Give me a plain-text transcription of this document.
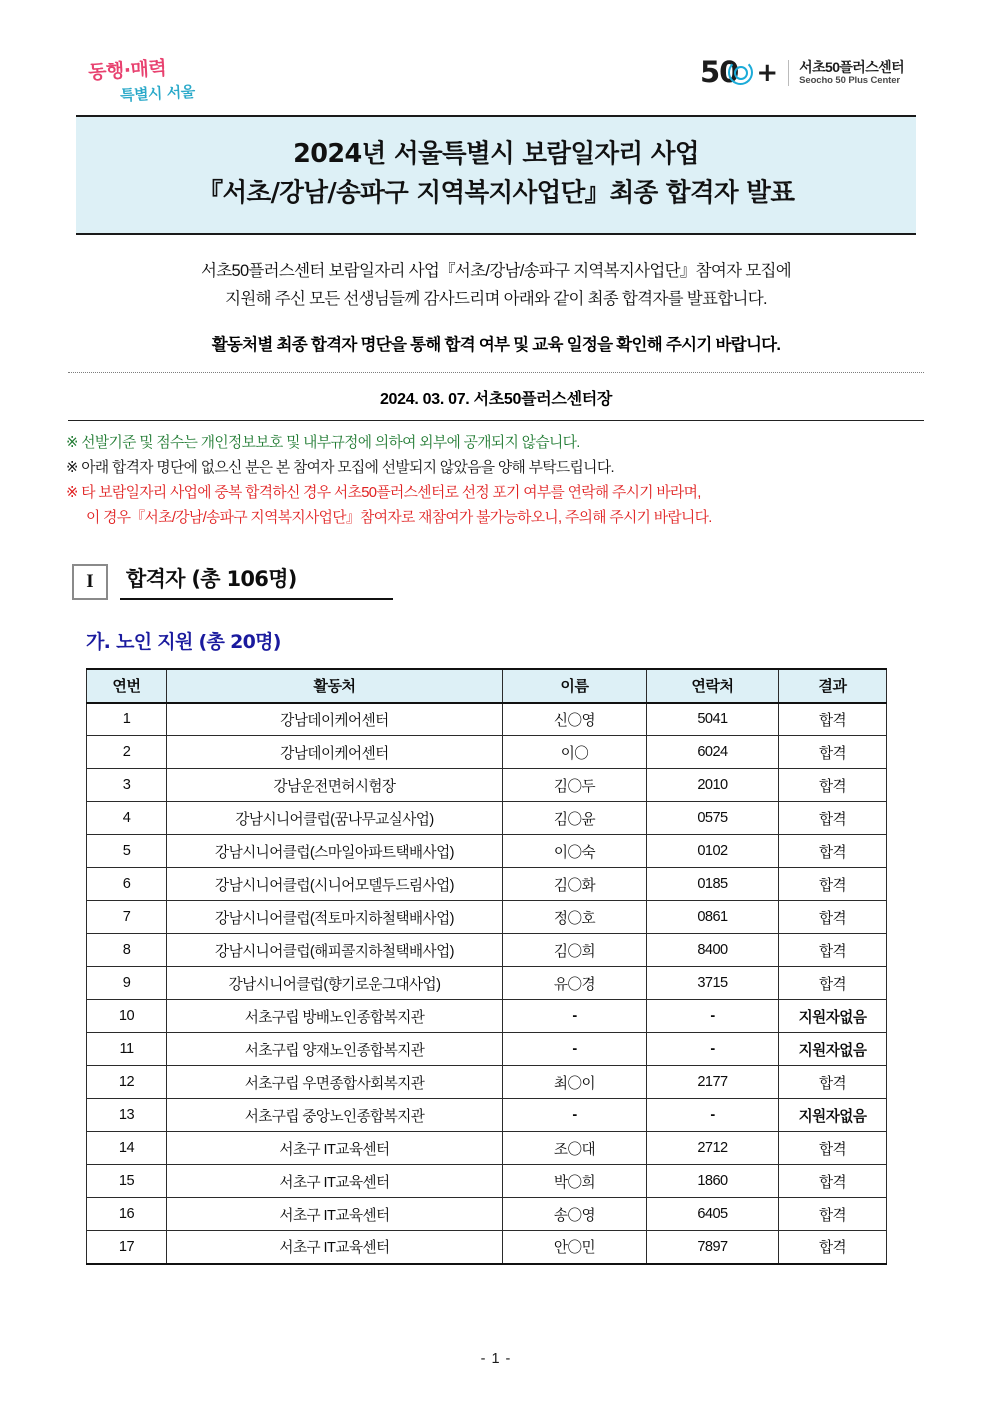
동행·매력
특별시 서울
50 + 서초50플러스센터
Seocho 50 Plus Center
2024년 서울특별시 보람일자리 사업
『서초/강남/송파구 지역복지사업단』최종 합격자 발표
서초50플러스센터 보람일자리 사업『서초/강남/송파구 지역복지사업단』참여자 모집에
지원해 주신 모든 선생님들께 감사드리며 아래와 같이 최종 합격자를 발표합니다.
활동처별 최종 합격자 명단을 통해 합격 여부 및 교육 일정을 확인해 주시기 바랍니다.
2024. 03. 07. 서초50플러스센터장
※ 선발기준 및 점수는 개인정보보호 및 내부규정에 의하여 외부에 공개되지 않습니다.
※ 아래 합격자 명단에 없으신 분은 본 참여자 모집에 선발되지 않았음을 양해 부탁드립니다.
※ 타 보람일자리 사업에 중복 합격하신 경우 서초50플러스센터로 선정 포기 여부를 연락해 주시기 바라며,
이 경우『서초/강남/송파구 지역복지사업단』참여자로 재참여가 불가능하오니, 주의해 주시기 바랍니다.
I	합격자 (총 106명)
가. 노인 지원 (총 20명)
연번	활동처	이름	연락처	결과
1	강남데이케어센터	신〇영	5041	합격
2	강남데이케어센터	이〇	6024	합격
3	강남운전면허시험장	김〇두	2010	합격
4	강남시니어클럽(꿈나무교실사업)	김〇윤	0575	합격
5	강남시니어클럽(스마일아파트택배사업)	이〇숙	0102	합격
6	강남시니어클럽(시니어모델두드림사업)	김〇화	0185	합격
7	강남시니어클럽(적토마지하철택배사업)	정〇호	0861	합격
8	강남시니어클럽(해피콜지하철택배사업)	김〇희	8400	합격
9	강남시니어클럽(향기로운그대사업)	유〇경	3715	합격
10	서초구립 방배노인종합복지관	-	-	지원자없음
11	서초구립 양재노인종합복지관	-	-	지원자없음
12	서초구립 우면종합사회복지관	최〇이	2177	합격
13	서초구립 중앙노인종합복지관	-	-	지원자없음
14	서초구 IT교육센터	조〇대	2712	합격
15	서초구 IT교육센터	박〇희	1860	합격
16	서초구 IT교육센터	송〇영	6405	합격
17	서초구 IT교육센터	안〇민	7897	합격
- 1 -
